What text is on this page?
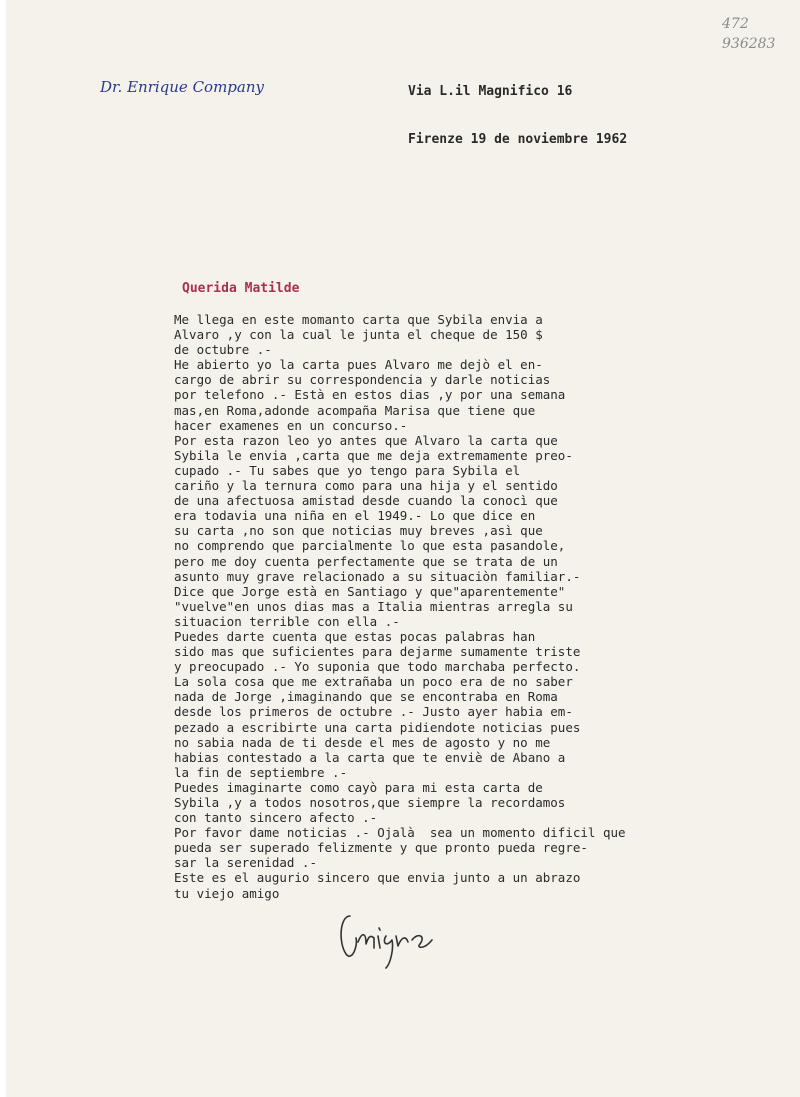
472
936283
Dr. Enrique Company	Via L.il Magnifico 16
Firenze 19 de noviembre 1962
Querida Matilde
Me llega en este momanto carta que Sybila envia a
Alvaro ,y con la cual le junta el cheque de 150 $
de octubre .-
He abierto yo la carta pues Alvaro me dejò el en-
cargo de abrir su correspondencia y darle noticias
por telefono .- Està en estos dias ,y por una semana
mas,en Roma,adonde acompaña Marisa que tiene que
hacer examenes en un concurso.-
Por esta razon leo yo antes que Alvaro la carta que
Sybila le envia ,carta que me deja extremamente preo-
cupado .- Tu sabes que yo tengo para Sybila el
cariño y la ternura como para una hija y el sentido
de una afectuosa amistad desde cuando la conocì que
era todavia una niña en el 1949.- Lo que dice en
su carta ,no son que noticias muy breves ,asì que
no comprendo que parcialmente lo que esta pasandole,
pero me doy cuenta perfectamente que se trata de un
asunto muy grave relacionado a su situaciòn familiar.-
Dice que Jorge està en Santiago y que"aparentemente"
"vuelve"en unos dias mas a Italia mientras arregla su
situacion terrible con ella .-
Puedes darte cuenta que estas pocas palabras han
sido mas que suficientes para dejarme sumamente triste
y preocupado .- Yo suponia que todo marchaba perfecto.
La sola cosa que me extrañaba un poco era de no saber
nada de Jorge ,imaginando que se encontraba en Roma
desde los primeros de octubre .- Justo ayer habia em-
pezado a escribirte una carta pidiendote noticias pues
no sabia nada de ti desde el mes de agosto y no me
habias contestado a la carta que te enviè de Abano a
la fin de septiembre .-
Puedes imaginarte como cayò para mi esta carta de
Sybila ,y a todos nosotros,que siempre la recordamos
con tanto sincero afecto .-
Por favor dame noticias .- Ojalà  sea un momento dificil que
pueda ser superado felizmente y que pronto pueda regre-
sar la serenidad .-
Este es el augurio sincero que envia junto a un abrazo
tu viejo amigo
